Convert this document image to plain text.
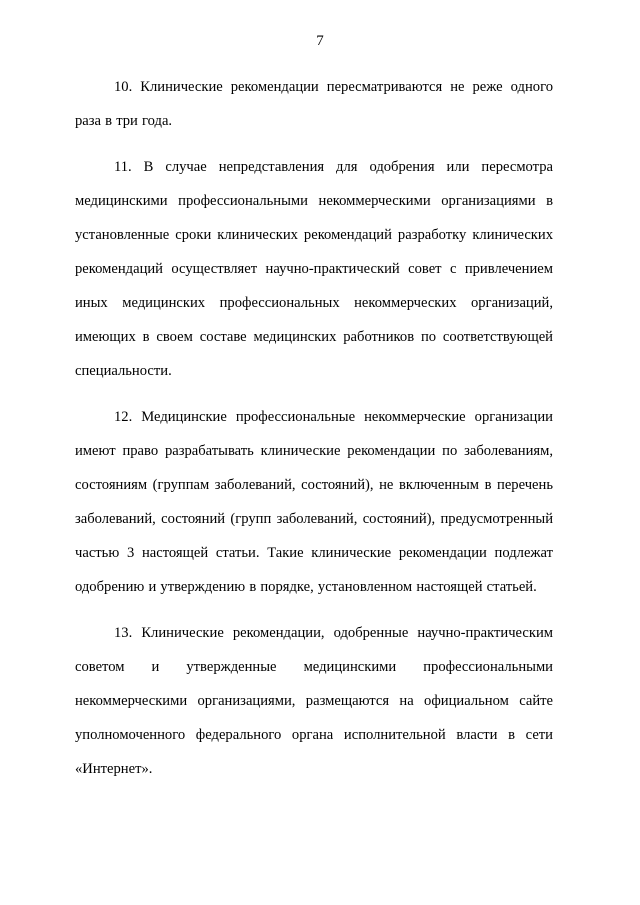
7

10. Клинические рекомендации пересматриваются не реже одного раза в три года.

11. В случае непредставления для одобрения или пересмотра медицинскими профессиональными некоммерческими организациями в установленные сроки клинических рекомендаций разработку клинических рекомендаций осуществляет научно-практический совет с привлечением иных медицинских профессиональных некоммерческих организаций, имеющих в своем составе медицинских работников по соответствующей специальности.

12. Медицинские профессиональные некоммерческие организации имеют право разрабатывать клинические рекомендации по заболеваниям, состояниям (группам заболеваний, состояний), не включенным в перечень заболеваний, состояний (групп заболеваний, состояний), предусмотренный частью 3 настоящей статьи. Такие клинические рекомендации подлежат одобрению и утверждению в порядке, установленном настоящей статьей.

13. Клинические рекомендации, одобренные научно-практическим советом и утвержденные медицинскими профессиональными некоммерческими организациями, размещаются на официальном сайте уполномоченного федерального органа исполнительной власти в сети «Интернет».
